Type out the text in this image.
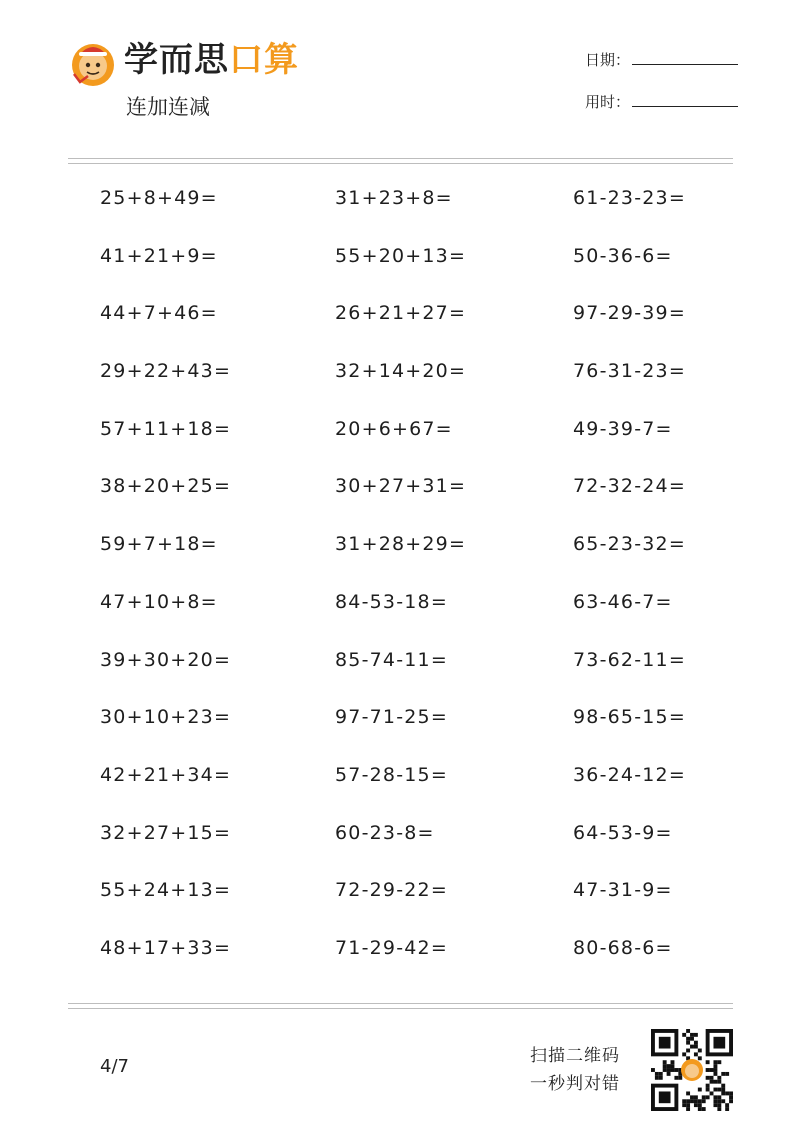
学而思口算
连加连减
日期：
用时：
25+8+49=	31+23+8=	61-23-23=
41+21+9=	55+20+13=	50-36-6=
44+7+46=	26+21+27=	97-29-39=
29+22+43=	32+14+20=	76-31-23=
57+11+18=	20+6+67=	49-39-7=
38+20+25=	30+27+31=	72-32-24=
59+7+18=	31+28+29=	65-23-32=
47+10+8=	84-53-18=	63-46-7=
39+30+20=	85-74-11=	73-62-11=
30+10+23=	97-71-25=	98-65-15=
42+21+34=	57-28-15=	36-24-12=
32+27+15=	60-23-8=	64-53-9=
55+24+13=	72-29-22=	47-31-9=
48+17+33=	71-29-42=	80-68-6=
4/7	扫描二维码
一秒判对错
